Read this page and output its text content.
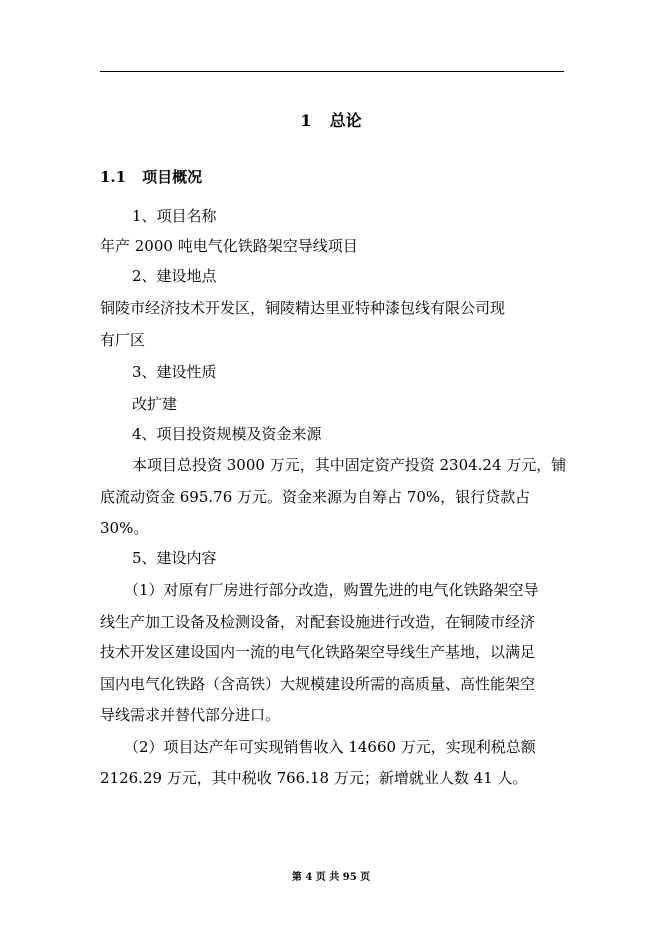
1 总论
1.1 项目概况
1、项目名称
年产 2000 吨电气化铁路架空导线项目
2、建设地点
铜陵市经济技术开发区，铜陵精达里亚特种漆包线有限公司现
有厂区
3、建设性质
改扩建
4、项目投资规模及资金来源
本项目总投资 3000 万元，其中固定资产投资 2304.24 万元，铺
底流动资金 695.76 万元。资金来源为自筹占 70%，银行贷款占
30%。
5、建设内容
（1）对原有厂房进行部分改造，购置先进的电气化铁路架空导
线生产加工设备及检测设备，对配套设施进行改造，在铜陵市经济
技术开发区建设国内一流的电气化铁路架空导线生产基地，以满足
国内电气化铁路（含高铁）大规模建设所需的高质量、高性能架空
导线需求并替代部分进口。
（2）项目达产年可实现销售收入 14660 万元，实现利税总额
2126.29 万元，其中税收 766.18 万元；新增就业人数 41 人。
第 4 页 共 95 页
